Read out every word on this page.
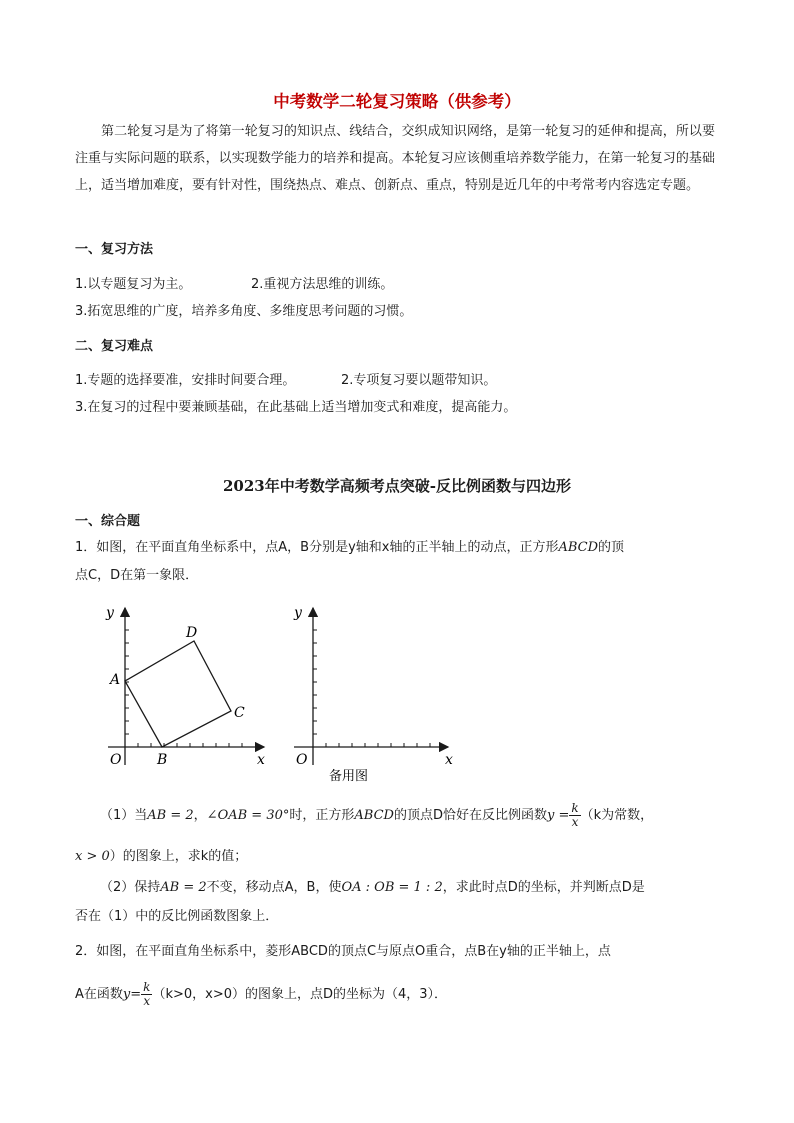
中考数学二轮复习策略（供参考）
第二轮复习是为了将第一轮复习的知识点、线结合，交织成知识网络，是第一轮复习的延伸和提高，所以要注重与实际问题的联系，以实现数学能力的培养和提高。本轮复习应该侧重培养数学能力，在第一轮复习的基础上，适当增加难度，要有针对性，围绕热点、难点、创新点、重点，特别是近几年的中考常考内容选定专题。
一、复习方法
1.以专题复习为主。	2.重视方法思维的训练。
3.拓宽思维的广度，培养多角度、多维度思考问题的习惯。
二、复习难点
1.专题的选择要准，安排时间要合理。	2.专项复习要以题带知识。
3.在复习的过程中要兼顾基础，在此基础上适当增加变式和难度，提高能力。
2023年中考数学高频考点突破-反比例函数与四边形
一、综合题
1．如图，在平面直角坐标系中，点A，B分别是y轴和x轴的正半轴上的动点，正方形ABCD的顶
点C，D在第一象限．
y
x
O
A
B
C
D
y
x
O
备用图
（1）当AB = 2，∠OAB = 30°时，正方形ABCD的顶点D恰好在反比例函数$y = \frac{k}{x} (k$为常数，
x > 0）的图象上，求k的值；
（2）保持AB = 2不变，移动点A，B，使OA : OB = 1 : 2，求此时点D的坐标，并判断点D是
否在（1）中的反比例函数图象上．
2．如图，在平面直角坐标系中，菱形ABCD的顶点C与原点O重合，点B在y轴的正半轴上，点
A在函数$y= \frac{k}{x} (k>0$，x>0）的图象上，点D的坐标为（4，3）．
